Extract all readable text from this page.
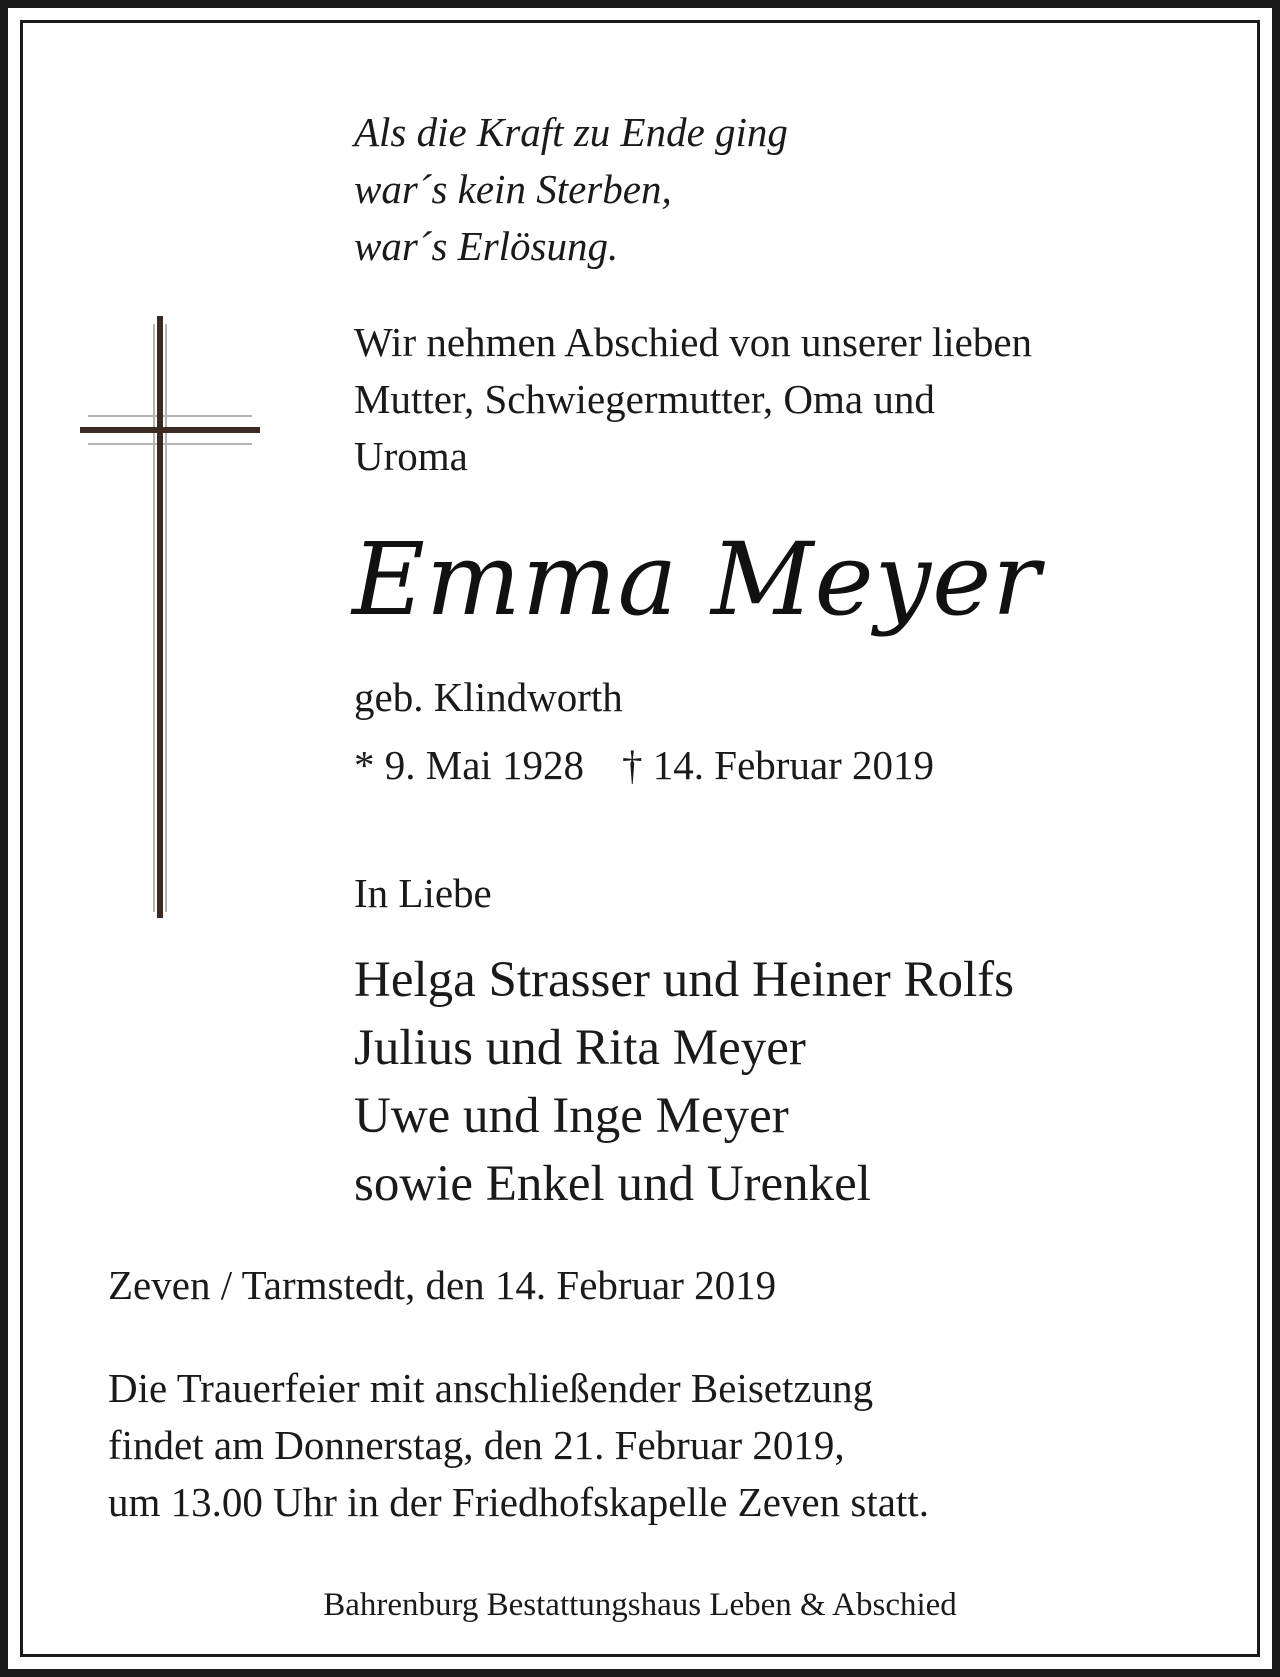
Als die Kraft zu Ende ging
war´s kein Sterben,
war´s Erlösung.
Wir nehmen Abschied von unserer lieben
Mutter, Schwiegermutter, Oma und
Uroma
Emma Meyer
geb. Klindworth
* 9. Mai 1928 † 14. Februar 2019
In Liebe
Helga Strasser und Heiner Rolfs
Julius und Rita Meyer
Uwe und Inge Meyer
sowie Enkel und Urenkel
Zeven / Tarmstedt, den 14. Februar 2019
Die Trauerfeier mit anschließender Beisetzung
findet am Donnerstag, den 21. Februar 2019,
um 13.00 Uhr in der Friedhofskapelle Zeven statt.
Bahrenburg Bestattungshaus Leben & Abschied
